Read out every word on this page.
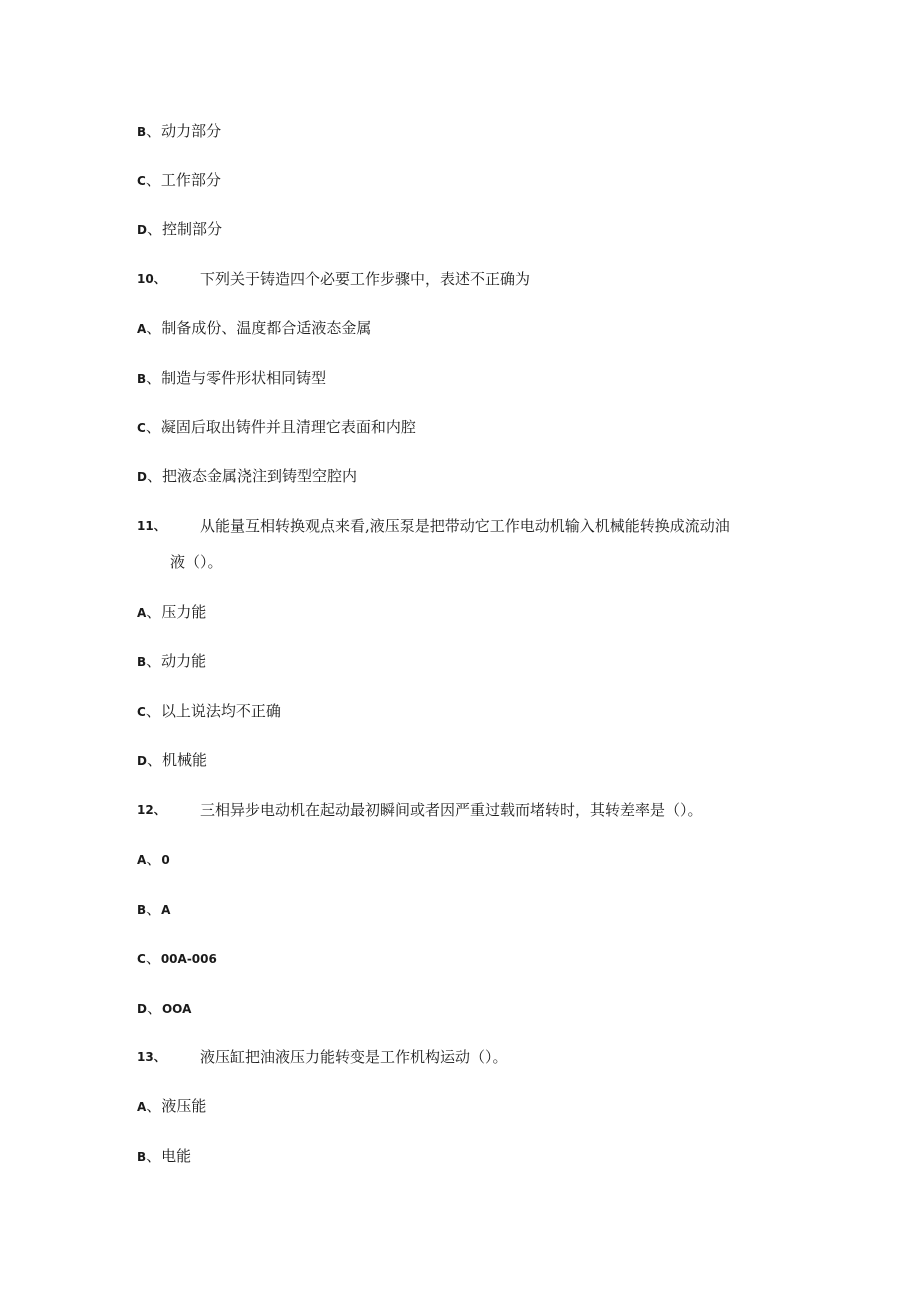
B、动力部分
C、工作部分
D、控制部分
10、 下列关于铸造四个必要工作步骤中，表述不正确为
A、制备成份、温度都合适液态金属
B、制造与零件形状相同铸型
C、凝固后取出铸件并且清理它表面和内腔
D、把液态金属浇注到铸型空腔内
11、 从能量互相转换观点来看,液压泵是把带动它工作电动机输入机械能转换成流动油
液（）。
A、压力能
B、动力能
C、以上说法均不正确
D、机械能
12、 三相异步电动机在起动最初瞬间或者因严重过载而堵转时，其转差率是（）。
A、0
B、A
C、00A-006
D、OOA
13、 液压缸把油液压力能转变是工作机构运动（）。
A、液压能
B、电能
